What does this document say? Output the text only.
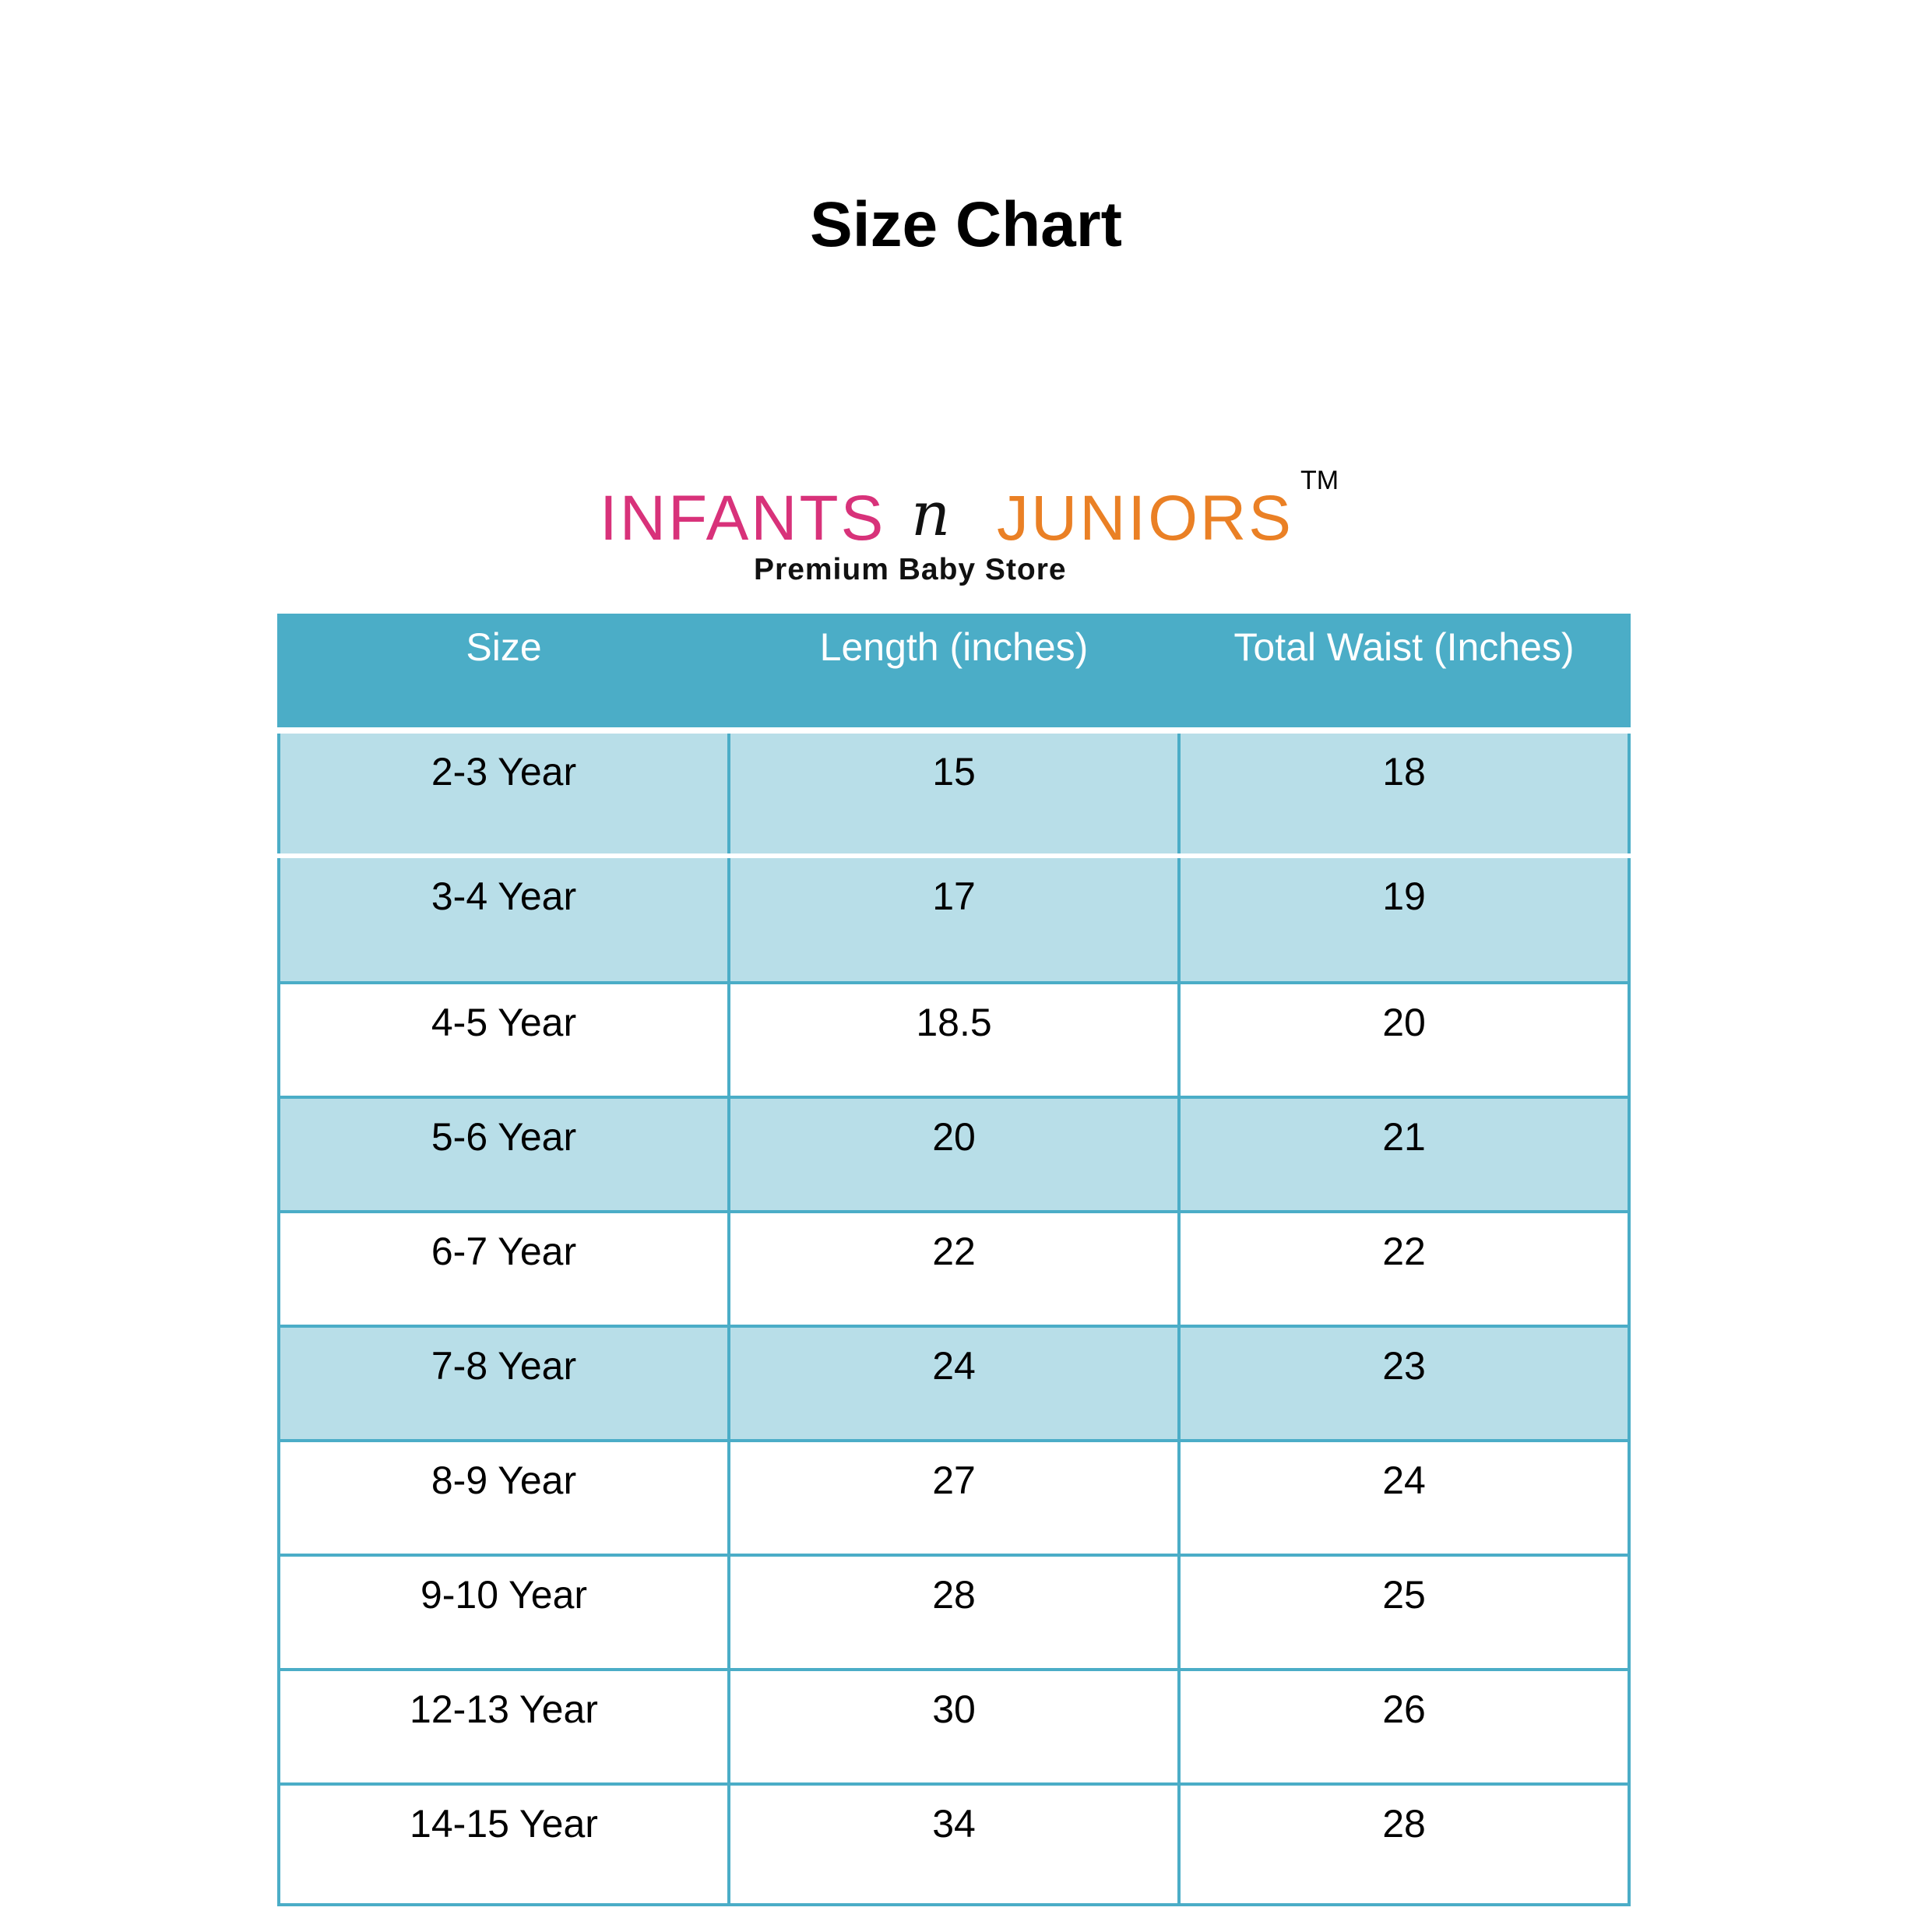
Size Chart
INFANTS n JUNIORS
TM
Premium Baby Store
Size	Length (inches)	Total Waist (Inches)
2-3 Year	15	18
3-4 Year	17	19
4-5 Year	18.5	20
5-6 Year	20	21
6-7 Year	22	22
7-8 Year	24	23
8-9 Year	27	24
9-10 Year	28	25
12-13 Year	30	26
14-15 Year	34	28
